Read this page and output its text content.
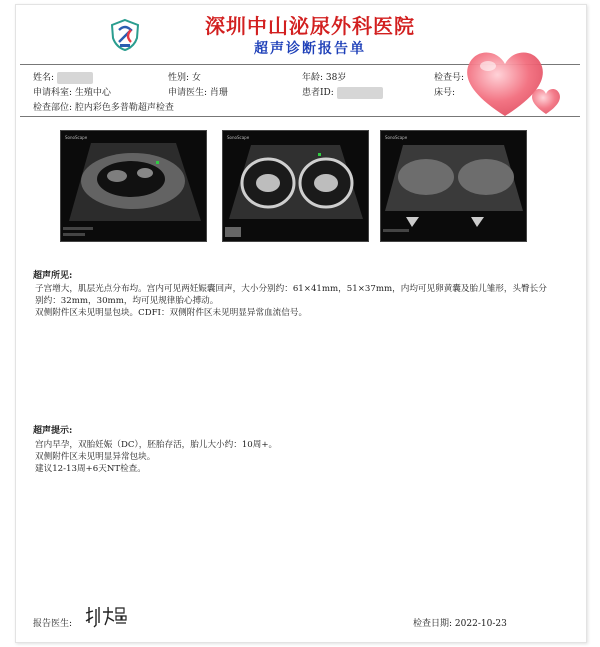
深圳中山泌尿外科医院
超声诊断报告单
姓名:	性别: 女	年龄: 38岁	检查号:
申请科室: 生殖中心	申请医生: 肖珊	患者ID:	床号:
检查部位: 腔内彩色多普勒超声检查
SonoScape	SonoScape	SonoScape
超声所见:
子宫增大，肌层光点分布均。宫内可见两妊娠囊回声，大小分别约：61×41mm，51×37mm，内均可见卵黄囊及胎儿雏形，头臀长分别约：32mm，30mm，均可见规律胎心搏动。
双侧附件区未见明显包块。CDFI：双侧附件区未见明显异常血流信号。
超声提示:
宫内早孕，双胎妊娠（DC），胚胎存活，胎儿大小约：10周+。
双侧附件区未见明显异常包块。
建议12-13周+6天NT检查。
报告医生:	检查日期: 2022-10-23
